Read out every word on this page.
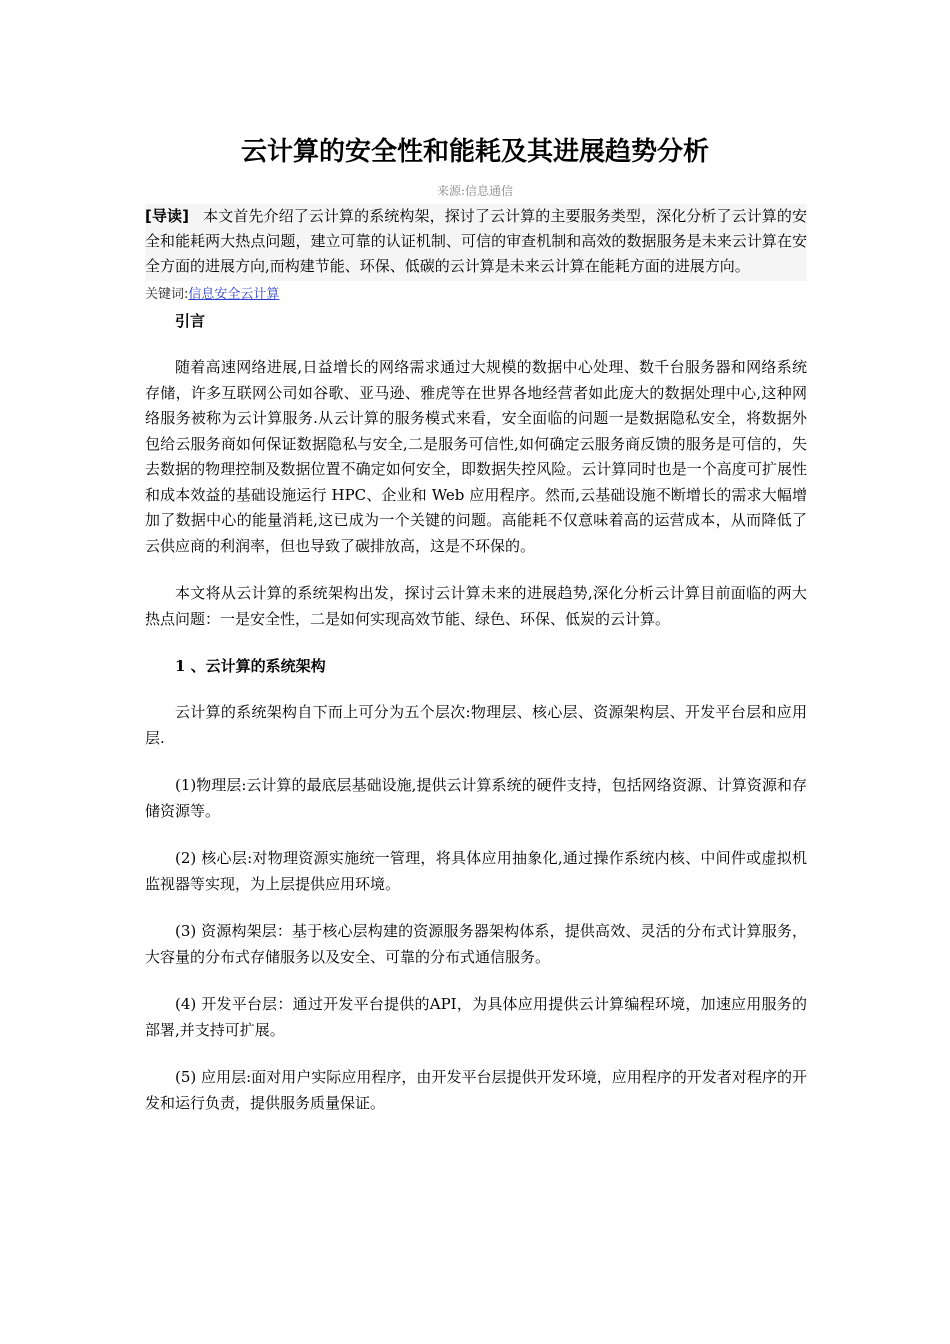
云计算的安全性和能耗及其进展趋势分析
来源:信息通信
[导读] 本文首先介绍了云计算的系统构架，探讨了云计算的主要服务类型，深化分析了云计算的安全和能耗两大热点问题，建立可靠的认证机制、可信的审查机制和高效的数据服务是未来云计算在安全方面的进展方向,而构建节能、环保、低碳的云计算是未来云计算在能耗方面的进展方向。
关键词:信息安全云计算
引言

随着高速网络进展,日益增长的网络需求通过大规模的数据中心处理、数千台服务器和网络系统存储，许多互联网公司如谷歌、亚马逊、雅虎等在世界各地经营者如此庞大的数据处理中心,这种网络服务被称为云计算服务.从云计算的服务模式来看，安全面临的问题一是数据隐私安全，将数据外包给云服务商如何保证数据隐私与安全,二是服务可信性,如何确定云服务商反馈的服务是可信的，失去数据的物理控制及数据位置不确定如何安全，即数据失控风险。云计算同时也是一个高度可扩展性和成本效益的基础设施运行 HPC、企业和 Web 应用程序。然而,云基础设施不断增长的需求大幅增加了数据中心的能量消耗,这已成为一个关键的问题。高能耗不仅意味着高的运营成本，从而降低了云供应商的利润率，但也导致了碳排放高，这是不环保的。

本文将从云计算的系统架构出发，探讨云计算未来的进展趋势,深化分析云计算目前面临的两大热点问题：一是安全性，二是如何实现高效节能、绿色、环保、低炭的云计算。

1 、云计算的系统架构

云计算的系统架构自下而上可分为五个层次:物理层、核心层、资源架构层、开发平台层和应用层.

(1)物理层:云计算的最底层基础设施,提供云计算系统的硬件支持，包括网络资源、计算资源和存储资源等。

(2) 核心层:对物理资源实施统一管理，将具体应用抽象化,通过操作系统内核、中间件或虚拟机监视器等实现，为上层提供应用环境。

(3) 资源构架层：基于核心层构建的资源服务器架构体系，提供高效、灵活的分布式计算服务，大容量的分布式存储服务以及安全、可靠的分布式通信服务。

(4) 开发平台层：通过开发平台提供的API，为具体应用提供云计算编程环境，加速应用服务的部署,并支持可扩展。

(5) 应用层:面对用户实际应用程序，由开发平台层提供开发环境，应用程序的开发者对程序的开发和运行负责，提供服务质量保证。
